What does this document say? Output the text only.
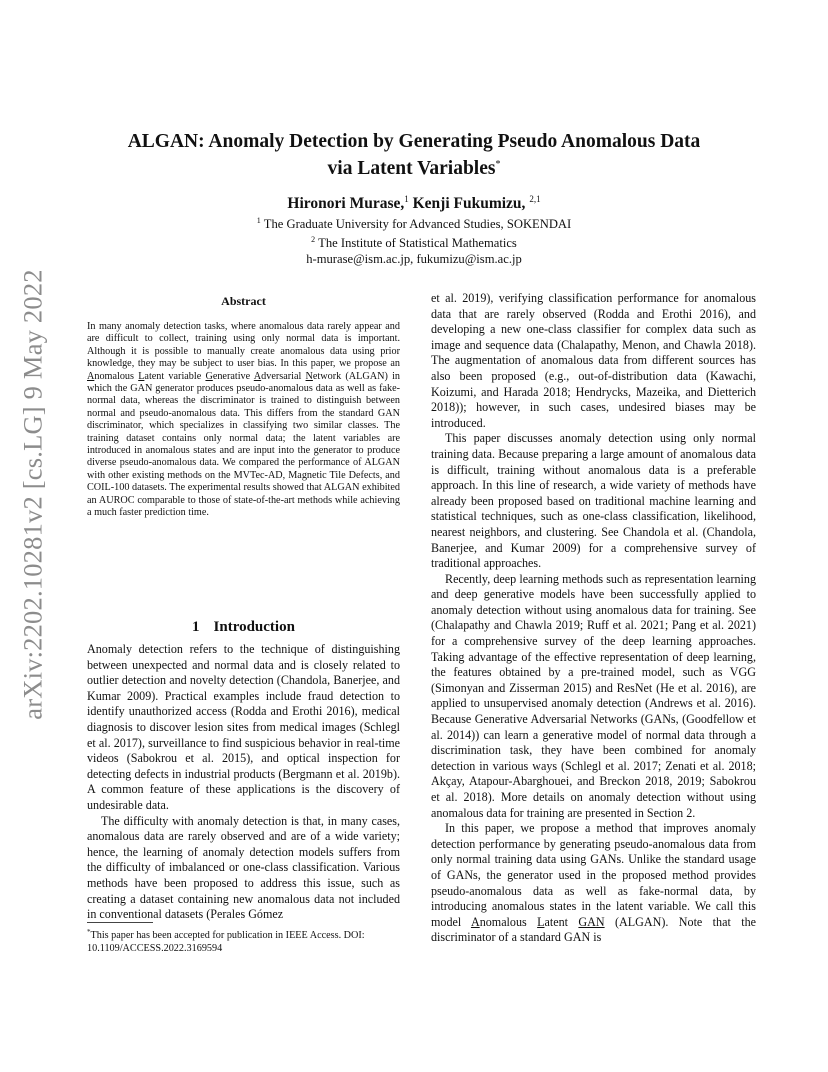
arXiv:2202.10281v2 [cs.LG] 9 May 2022
ALGAN: Anomaly Detection by Generating Pseudo Anomalous Data
via Latent Variables*
Hironori Murase,$^1$ Kenji Fukumizu, $^{2,1}$
$^1$ The Graduate University for Advanced Studies, SOKENDAI
$^2$ The Institute of Statistical Mathematics
h-murase@ism.ac.jp, fukumizu@ism.ac.jp
Abstract

In many anomaly detection tasks, where anomalous data rarely appear and are difficult to collect, training using only normal data is important. Although it is possible to manually create anomalous data using prior knowledge, they may be subject to user bias. In this paper, we propose an Anomalous Latent variable Generative Adversarial Network (ALGAN) in which the GAN generator produces pseudo-anomalous data as well as fake-normal data, whereas the discriminator is trained to distinguish between normal and pseudo-anomalous data. This differs from the standard GAN discriminator, which specializes in classifying two similar classes. The training dataset contains only normal data; the latent variables are introduced in anomalous states and are input into the generator to produce diverse pseudo-anomalous data. We compared the performance of ALGAN with other existing methods on the MVTec-AD, Magnetic Tile Defects, and COIL-100 datasets. The experimental results showed that ALGAN exhibited an AUROC comparable to those of state-of-the-art methods while achieving a much faster prediction time.

1 Introduction

Anomaly detection refers to the technique of distinguishing between unexpected and normal data and is closely related to outlier detection and novelty detection (Chandola, Banerjee, and Kumar 2009). Practical examples include fraud detection to identify unauthorized access (Rodda and Erothi 2016), medical diagnosis to discover lesion sites from medical images (Schlegl et al. 2017), surveillance to find suspicious behavior in real-time videos (Sabokrou et al. 2015), and optical inspection for detecting defects in industrial products (Bergmann et al. 2019b). A common feature of these applications is the discovery of undesirable data.

The difficulty with anomaly detection is that, in many cases, anomalous data are rarely observed and are of a wide variety; hence, the learning of anomaly detection models suffers from the difficulty of imbalanced or one-class classification. Various methods have been proposed to address this issue, such as creating a dataset containing new anomalous data not included in conventional datasets (Perales Gómez

*This paper has been accepted for publication in IEEE Access. DOI: 10.1109/ACCESS.2022.3169594

et al. 2019), verifying classification performance for anomalous data that are rarely observed (Rodda and Erothi 2016), and developing a new one-class classifier for complex data such as image and sequence data (Chalapathy, Menon, and Chawla 2018). The augmentation of anomalous data from different sources has also been proposed (e.g., out-of-distribution data (Kawachi, Koizumi, and Harada 2018; Hendrycks, Mazeika, and Dietterich 2018)); however, in such cases, undesired biases may be introduced.

This paper discusses anomaly detection using only normal training data. Because preparing a large amount of anomalous data is difficult, training without anomalous data is a preferable approach. In this line of research, a wide variety of methods have already been proposed based on traditional machine learning and statistical techniques, such as one-class classification, likelihood, nearest neighbors, and clustering. See Chandola et al. (Chandola, Banerjee, and Kumar 2009) for a comprehensive survey of traditional approaches.

Recently, deep learning methods such as representation learning and deep generative models have been successfully applied to anomaly detection without using anomalous data for training. See (Chalapathy and Chawla 2019; Ruff et al. 2021; Pang et al. 2021) for a comprehensive survey of the deep learning approaches. Taking advantage of the effective representation of deep learning, the features obtained by a pre-trained model, such as VGG (Simonyan and Zisserman 2015) and ResNet (He et al. 2016), are applied to unsupervised anomaly detection (Andrews et al. 2016). Because Generative Adversarial Networks (GANs, (Goodfellow et al. 2014)) can learn a generative model of normal data through a discrimination task, they have been combined for anomaly detection in various ways (Schlegl et al. 2017; Zenati et al. 2018; Akçay, Atapour-Abarghouei, and Breckon 2018, 2019; Sabokrou et al. 2018). More details on anomaly detection without using anomalous data for training are presented in Section 2.

In this paper, we propose a method that improves anomaly detection performance by generating pseudo-anomalous data from only normal training data using GANs. Unlike the standard usage of GANs, the generator used in the proposed method provides pseudo-anomalous data as well as fake-normal data, by introducing anomalous states in the latent variable. We call this model Anomalous Latent GAN (ALGAN). Note that the discriminator of a standard GAN is
